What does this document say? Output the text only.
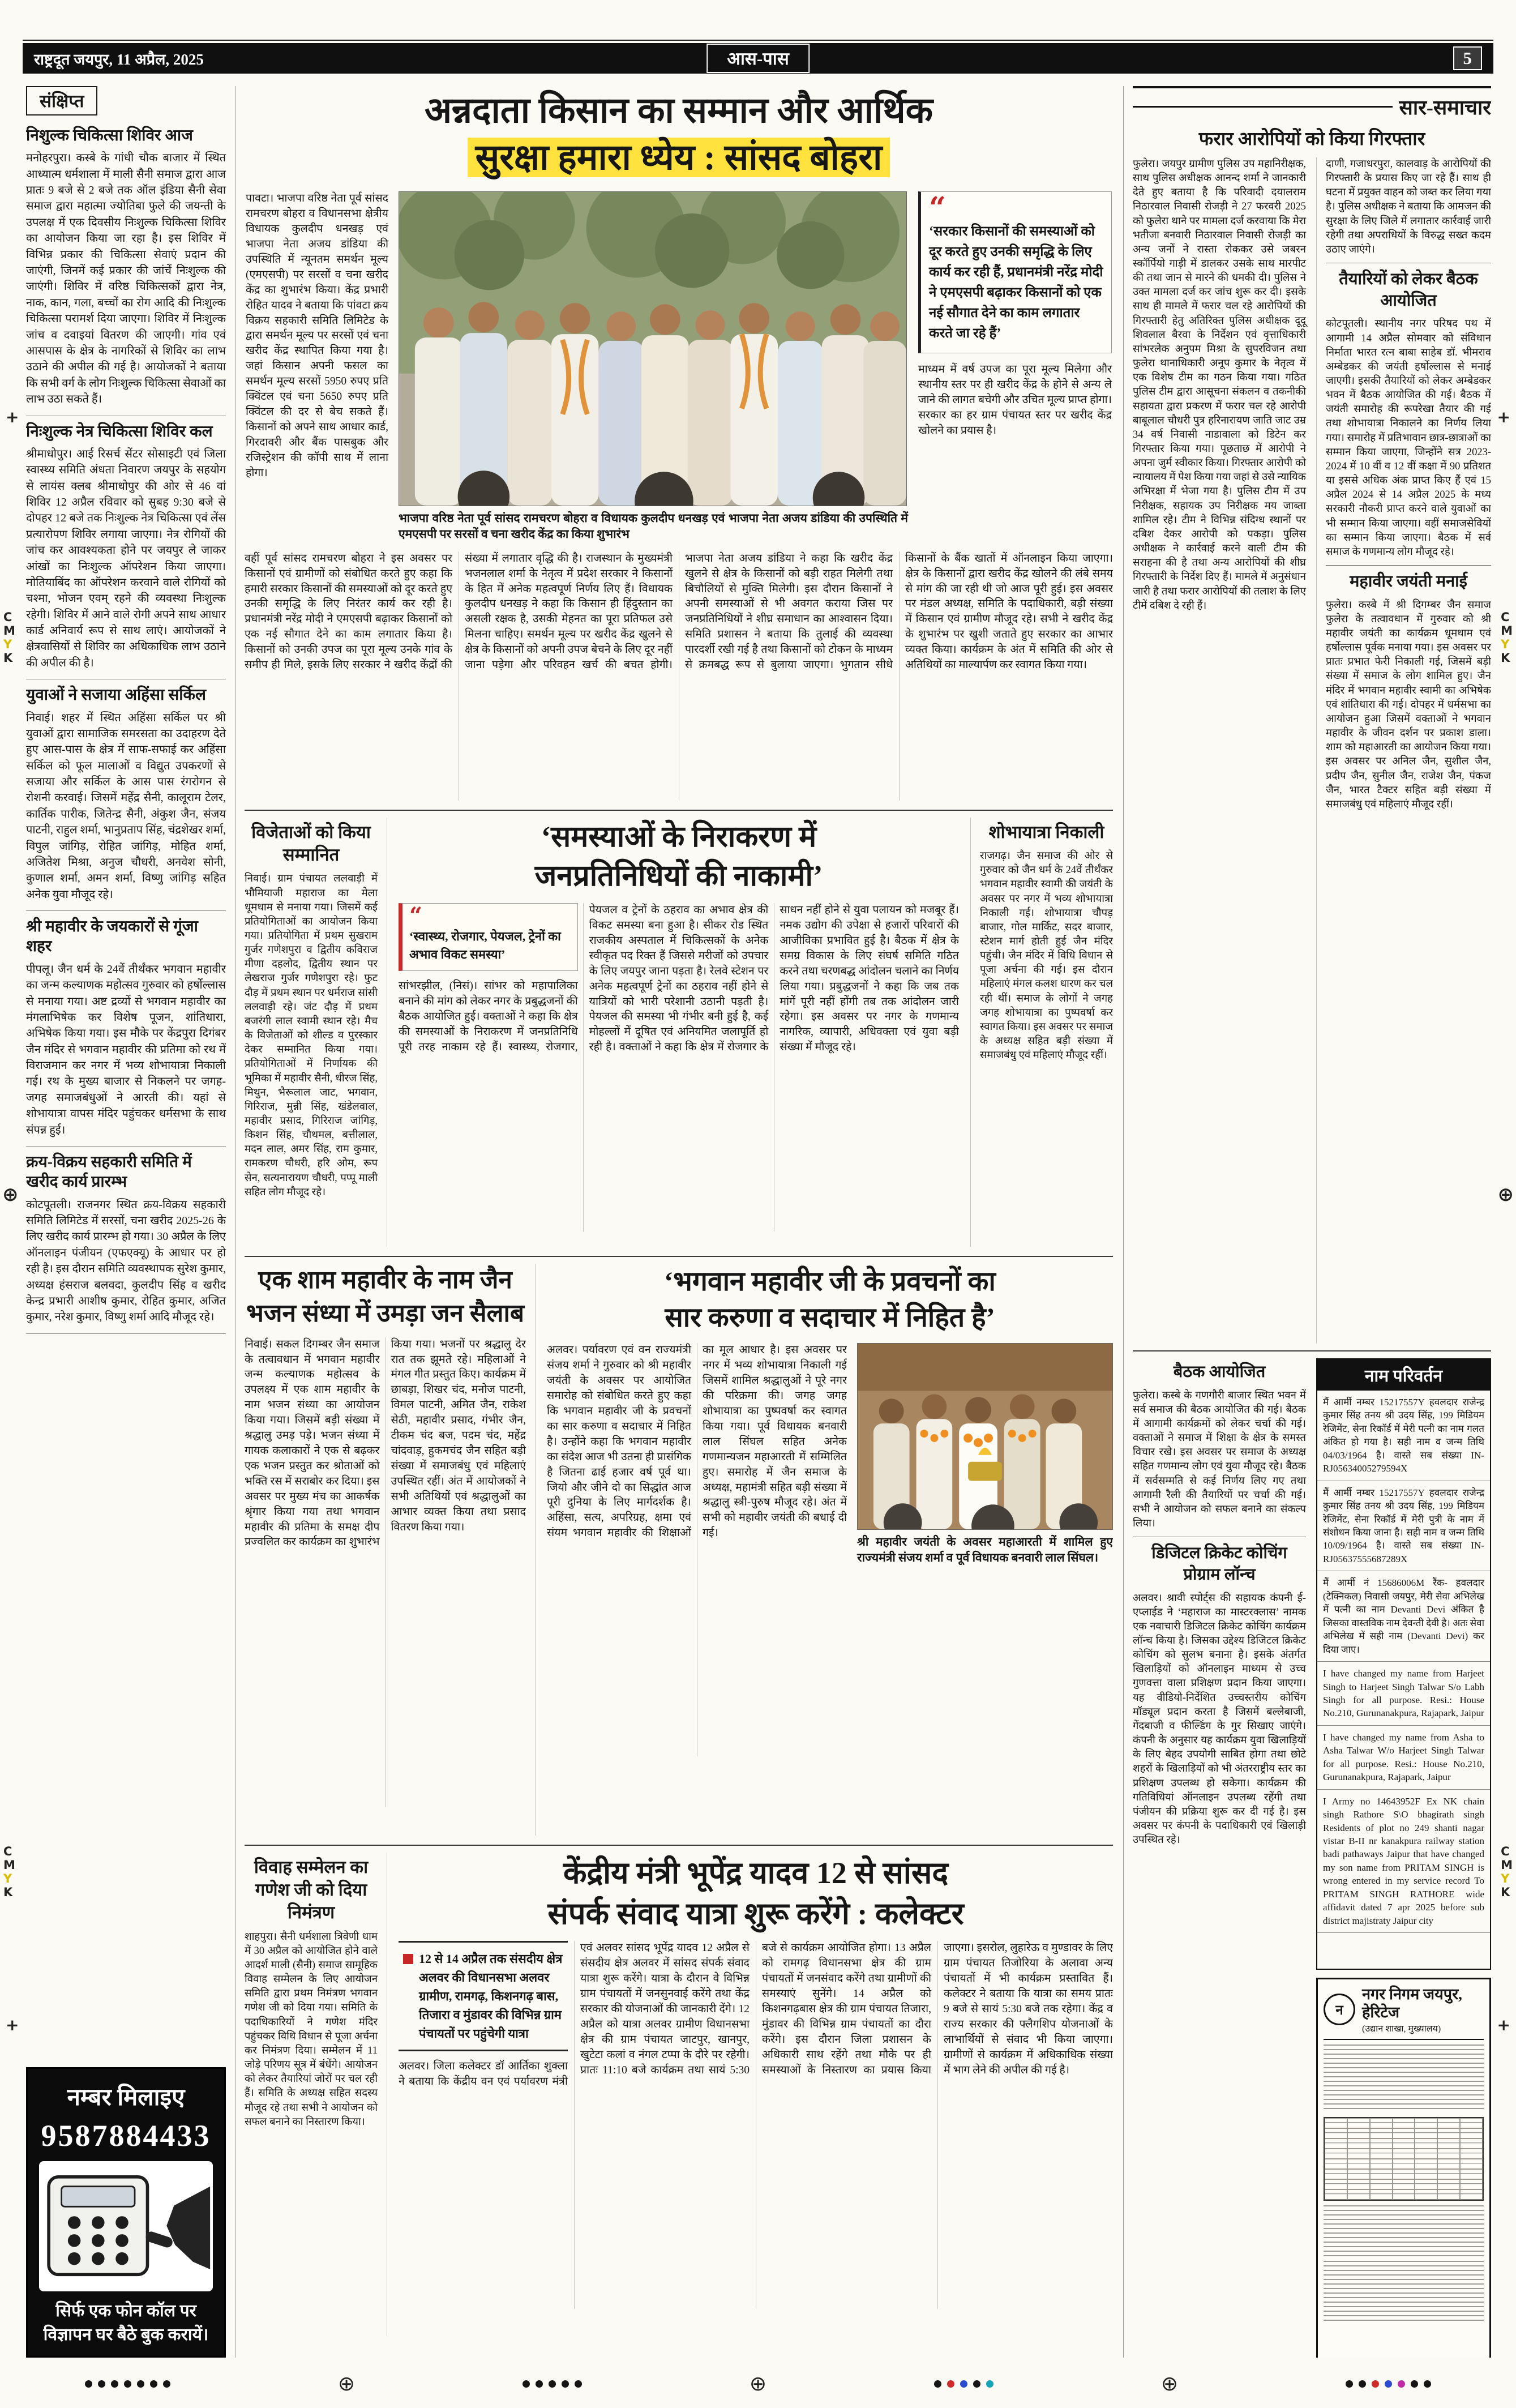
राष्ट्रदूत जयपुर, 11 अप्रैल, 2025	आस-पास	5
संक्षिप्त
निशुल्क चिकित्सा शिविर आज

मनोहरपुरा। कस्बे के गांधी चौक बाजार में स्थित आध्यात्म धर्मशाला में माली सैनी समाज द्वारा आज प्रातः 9 बजे से 2 बजे तक ऑल इंडिया सैनी सेवा समाज द्वारा महात्मा ज्योतिबा फुले की जयन्ती के उपलक्ष में एक दिवसीय निःशुल्क चिकित्सा शिविर का आयोजन किया जा रहा है। इस शिविर में विभिन्न प्रकार की चिकित्सा सेवाएं प्रदान की जाएंगी, जिनमें कई प्रकार की जांचें निःशुल्क की जाएंगी। शिविर में वरिष्ठ चिकित्सकों द्वारा नेत्र, नाक, कान, गला, बच्चों का रोग आदि की निःशुल्क चिकित्सा परामर्श दिया जाएगा। शिविर में निःशुल्क जांच व दवाइयां वितरण की जाएगी। गांव एवं आसपास के क्षेत्र के नागरिकों से शिविर का लाभ उठाने की अपील की गई है। आयोजकों ने बताया कि सभी वर्ग के लोग निःशुल्क चिकित्सा सेवाओं का लाभ उठा सकते हैं।

निःशुल्क नेत्र चिकित्सा शिविर कल

श्रीमाधोपुर। आई रिसर्च सेंटर सोसाइटी एवं जिला स्वास्थ्य समिति अंधता निवारण जयपुर के सहयोग से लायंस क्लब श्रीमाधोपुर की ओर से 46 वां शिविर 12 अप्रैल रविवार को सुबह 9:30 बजे से दोपहर 12 बजे तक निःशुल्क नेत्र चिकित्सा एवं लेंस प्रत्यारोपण शिविर लगाया जाएगा। नेत्र रोगियों की जांच कर आवश्यकता होने पर जयपुर ले जाकर आंखों का निःशुल्क ऑपरेशन किया जाएगा। मोतियाबिंद का ऑपरेशन करवाने वाले रोगियों को चश्मा, भोजन एवम् रहने की व्यवस्था निःशुल्क रहेगी। शिविर में आने वाले रोगी अपने साथ आधार कार्ड अनिवार्य रूप से साथ लाएं। आयोजकों ने क्षेत्रवासियों से शिविर का अधिकाधिक लाभ उठाने की अपील की है।

युवाओं ने सजाया अहिंसा सर्किल

निवाई। शहर में स्थित अहिंसा सर्किल पर श्री युवाओं द्वारा सामाजिक समरसता का उदाहरण देते हुए आस-पास के क्षेत्र में साफ-सफाई कर अहिंसा सर्किल को फूल मालाओं व विद्युत उपकरणों से सजाया और सर्किल के आस पास रंगरोगन से रोशनी करवाई। जिसमें महेंद्र सैनी, कालूराम टेलर, कार्तिक पारीक, जितेन्द्र सैनी, अंकुश जैन, संजय पाटनी, राहुल शर्मा, भानुप्रताप सिंह, चंद्रशेखर शर्मा, विपुल जांगिड़, रोहित जांगिड़, मोहित शर्मा, अजितेश मिश्रा, अनुज चौधरी, अनवेश सोनी, कुणाल शर्मा, अमन शर्मा, विष्णु जांगिड़ सहित अनेक युवा मौजूद रहे।

श्री महावीर के जयकारों से गूंजा शहर

पीपलू। जैन धर्म के 24वें तीर्थंकर भगवान महावीर का जन्म कल्याणक महोत्सव गुरुवार को हर्षोल्लास से मनाया गया। अष्ट द्रव्यों से भगवान महावीर का मंगलाभिषेक कर विशेष पूजन, शांतिधारा, अभिषेक किया गया। इस मौके पर केंद्रपुरा दिगंबर जैन मंदिर से भगवान महावीर की प्रतिमा को रथ में विराजमान कर नगर में भव्य शोभायात्रा निकाली गई। रथ के मुख्य बाजार से निकलने पर जगह-जगह समाजबंधुओं ने आरती की। यहां से शोभायात्रा वापस मंदिर पहुंचकर धर्मसभा के साथ संपन्न हुई।

क्रय-विक्रय सहकारी समिति में खरीद कार्य प्रारम्भ

कोटपूतली। राजनगर स्थित क्रय-विक्रय सहकारी समिति लिमिटेड में सरसों, चना खरीद 2025-26 के लिए खरीद कार्य प्रारम्भ हो गया। 30 अप्रैल के लिए ऑनलाइन पंजीयन (एफएक्यू) के आधार पर हो रही है। इस दौरान समिति व्यवस्थापक सुरेश कुमार, अध्यक्ष हंसराज बलवदा, कुलदीप सिंह व खरीद केन्द्र प्रभारी आशीष कुमार, रोहित कुमार, अजित कुमार, नरेश कुमार, विष्णु शर्मा आदि मौजूद रहे।

नम्बर मिलाइए
9587884433
सिर्फ एक फोन कॉल पर विज्ञापन घर बैठे बुक करायें।
अन्नदाता किसान का सम्मान और आर्थिक
सुरक्षा हमारा ध्येय : सांसद बोहरा

पावटा। भाजपा वरिष्ठ नेता पूर्व सांसद रामचरण बोहरा व विधानसभा क्षेत्रीय विधायक कुलदीप धनखड़ एवं भाजपा नेता अजय डांडिया की उपस्थिति में न्यूनतम समर्थन मूल्य (एमएसपी) पर सरसों व चना खरीद केंद्र का शुभारंभ किया। केंद्र प्रभारी रोहित यादव ने बताया कि पांवटा क्रय विक्रय सहकारी समिति लिमिटेड के द्वारा समर्थन मूल्य पर सरसों एवं चना खरीद केंद्र स्थापित किया गया है। जहां किसान अपनी फसल का समर्थन मूल्य सरसों 5950 रुपए प्रति क्विंटल एवं चना 5650 रुपए प्रति क्विंटल की दर से बेच सकते हैं। किसानों को अपने साथ आधार कार्ड, गिरदावरी और बैंक पासबुक और रजिस्ट्रेशन की कॉपी साथ में लाना होगा।

भाजपा वरिष्ठ नेता पूर्व सांसद रामचरण बोहरा व विधायक कुलदीप धनखड़ एवं भाजपा नेता अजय डांडिया की उपस्थिति में एमएसपी पर सरसों व चना खरीद केंद्र का किया शुभारंभ

“
‘सरकार किसानों की समस्याओं को दूर करते हुए उनकी समृद्धि के लिए कार्य कर रही हैं, प्रधानमंत्री नरेंद्र मोदी ने एमएसपी बढ़ाकर किसानों को एक नई सौगात देने का काम लगातार करते जा रहे हैं’

माध्यम में वर्ष उपज का पूरा मूल्य मिलेगा और स्थानीय स्तर पर ही खरीद केंद्र के होने से अन्य ले जाने की लागत बचेगी और उचित मूल्य प्राप्त होगा। सरकार का हर ग्राम पंचायत स्तर पर खरीद केंद्र खोलने का प्रयास है।

वहीं पूर्व सांसद रामचरण बोहरा ने इस अवसर पर किसानों एवं ग्रामीणों को संबोधित करते हुए कहा कि हमारी सरकार किसानों की समस्याओं को दूर करते हुए उनकी समृद्धि के लिए निरंतर कार्य कर रही है। प्रधानमंत्री नरेंद्र मोदी ने एमएसपी बढ़ाकर किसानों को एक नई सौगात देने का काम लगातार किया है। किसानों को उनकी उपज का पूरा मूल्य उनके गांव के समीप ही मिले, इसके लिए सरकार ने खरीद केंद्रों की संख्या में लगातार वृद्धि की है। राजस्थान के मुख्यमंत्री भजनलाल शर्मा के नेतृत्व में प्रदेश सरकार ने किसानों के हित में अनेक महत्वपूर्ण निर्णय लिए हैं। विधायक कुलदीप धनखड़ ने कहा कि किसान ही हिंदुस्तान का असली रक्षक है, उसकी मेहनत का पूरा प्रतिफल उसे मिलना चाहिए। समर्थन मूल्य पर खरीद केंद्र खुलने से क्षेत्र के किसानों को अपनी उपज बेचने के लिए दूर नहीं जाना पड़ेगा और परिवहन खर्च की बचत होगी। भाजपा नेता अजय डांडिया ने कहा कि खरीद केंद्र खुलने से क्षेत्र के किसानों को बड़ी राहत मिलेगी तथा बिचौलियों से मुक्ति मिलेगी। इस दौरान किसानों ने अपनी समस्याओं से भी अवगत कराया जिस पर जनप्रतिनिधियों ने शीघ्र समाधान का आश्वासन दिया। समिति प्रशासन ने बताया कि तुलाई की व्यवस्था पारदर्शी रखी गई है तथा किसानों को टोकन के माध्यम से क्रमबद्ध रूप से बुलाया जाएगा। भुगतान सीधे किसानों के बैंक खातों में ऑनलाइन किया जाएगा। क्षेत्र के किसानों द्वारा खरीद केंद्र खोलने की लंबे समय से मांग की जा रही थी जो आज पूरी हुई। इस अवसर पर मंडल अध्यक्ष, समिति के पदाधिकारी, बड़ी संख्या में किसान एवं ग्रामीण मौजूद रहे। सभी ने खरीद केंद्र के शुभारंभ पर खुशी जताते हुए सरकार का आभार व्यक्त किया। कार्यक्रम के अंत में समिति की ओर से अतिथियों का माल्यार्पण कर स्वागत किया गया।
विजेताओं को किया सम्मानित

निवाई। ग्राम पंचायत ललवाड़ी में भौमियाजी महाराज का मेला धूमधाम से मनाया गया। जिसमें कई प्रतियोगिताओं का आयोजन किया गया। प्रतियोगिता में प्रथम सुखराम गुर्जर गणेशपुरा व द्वितीय कविराज मीणा दहलोद, द्वितीय स्थान पर लेखराज गुर्जर गणेशपुरा रहे। फुट दौड़ में प्रथम स्थान पर धर्मराज सांसी ललवाड़ी रहे। जंट दौड़ में प्रथम बजरंगी लाल स्वामी स्थान रहे। मैच के विजेताओं को शील्ड व पुरस्कार देकर सम्मानित किया गया। प्रतियोगिताओं में निर्णायक की भूमिका में महावीर सैनी, धीरज सिंह, मिथुन, भैरूलाल जाट, भगवान, गिरिराज, मुन्नी सिंह, खंडेलवाल, महावीर प्रसाद, गिरिराज जांगिड़, किशन सिंह, चौथमल, बत्तीलाल, मदन लाल, अमर सिंह, राम कुमार, रामकरण चौधरी, हरि ओम, रूप सेन, सत्यनारायण चौधरी, पप्पू माली सहित लोग मौजूद रहे।

‘समस्याओं के निराकरण में
जनप्रतिनिधियों की नाकामी’
“
‘स्वास्थ्य, रोजगार, पेयजल, ट्रेनों का अभाव विकट समस्या’

सांभरझील, (निसं)। सांभर को महापालिका बनाने की मांग को लेकर नगर के प्रबुद्धजनों की बैठक आयोजित हुई। वक्ताओं ने कहा कि क्षेत्र की समस्याओं के निराकरण में जनप्रतिनिधि पूरी तरह नाकाम रहे हैं। स्वास्थ्य, रोजगार, पेयजल व ट्रेनों के ठहराव का अभाव क्षेत्र की विकट समस्या बना हुआ है। सीकर रोड स्थित राजकीय अस्पताल में चिकित्सकों के अनेक स्वीकृत पद रिक्त हैं जिससे मरीजों को उपचार के लिए जयपुर जाना पड़ता है। रेलवे स्टेशन पर अनेक महत्वपूर्ण ट्रेनों का ठहराव नहीं होने से यात्रियों को भारी परेशानी उठानी पड़ती है। पेयजल की समस्या भी गंभीर बनी हुई है, कई मोहल्लों में दूषित एवं अनियमित जलापूर्ति हो रही है। वक्ताओं ने कहा कि क्षेत्र में रोजगार के साधन नहीं होने से युवा पलायन को मजबूर हैं। नमक उद्योग की उपेक्षा से हजारों परिवारों की आजीविका प्रभावित हुई है। बैठक में क्षेत्र के समग्र विकास के लिए संघर्ष समिति गठित करने तथा चरणबद्ध आंदोलन चलाने का निर्णय लिया गया। प्रबुद्धजनों ने कहा कि जब तक मांगें पूरी नहीं होंगी तब तक आंदोलन जारी रहेगा। इस अवसर पर नगर के गणमान्य नागरिक, व्यापारी, अधिवक्ता एवं युवा बड़ी संख्या में मौजूद रहे।

शोभायात्रा निकाली

राजगढ़। जैन समाज की ओर से गुरुवार को जैन धर्म के 24वें तीर्थंकर भगवान महावीर स्वामी की जयंती के अवसर पर नगर में भव्य शोभायात्रा निकाली गई। शोभायात्रा चौपड़ बाजार, गोल मार्किट, सदर बाजार, स्टेशन मार्ग होती हुई जैन मंदिर पहुंची। जैन मंदिर में विधि विधान से पूजा अर्चना की गई। इस दौरान महिलाएं मंगल कलश धारण कर चल रही थीं। समाज के लोगों ने जगह जगह शोभायात्रा का पुष्पवर्षा कर स्वागत किया। इस अवसर पर समाज के अध्यक्ष सहित बड़ी संख्या में समाजबंधु एवं महिलाएं मौजूद रहीं।

एक शाम महावीर के नाम जैन
भजन संध्या में उमड़ा जन सैलाब
निवाई। सकल दिगम्बर जैन समाज के तत्वावधान में भगवान महावीर जन्म कल्याणक महोत्सव के उपलक्ष्य में एक शाम महावीर के नाम भजन संध्या का आयोजन किया गया। जिसमें बड़ी संख्या में श्रद्धालु उमड़ पड़े। भजन संध्या में गायक कलाकारों ने एक से बढ़कर एक भजन प्रस्तुत कर श्रोताओं को भक्ति रस में सराबोर कर दिया। इस अवसर पर मुख्य मंच का आकर्षक श्रृंगार किया गया तथा भगवान महावीर की प्रतिमा के समक्ष दीप प्रज्वलित कर कार्यक्रम का शुभारंभ किया गया। भजनों पर श्रद्धालु देर रात तक झूमते रहे। महिलाओं ने मंगल गीत प्रस्तुत किए। कार्यक्रम में छाबड़ा, शिखर चंद, मनोज पाटनी, विमल पाटनी, अमित जैन, राकेश सेठी, महावीर प्रसाद, गंभीर जैन, टीकम चंद बज, पदम चंद, महेंद्र चांदवाड़, हुकमचंद जैन सहित बड़ी संख्या में समाजबंधु एवं महिलाएं उपस्थित रहीं। अंत में आयोजकों ने सभी अतिथियों एवं श्रद्धालुओं का आभार व्यक्त किया तथा प्रसाद वितरण किया गया।
‘भगवान महावीर जी के प्रवचनों का
सार करुणा व सदाचार में निहित है’
अलवर। पर्यावरण एवं वन राज्यमंत्री संजय शर्मा ने गुरुवार को श्री महावीर जयंती के अवसर पर आयोजित समारोह को संबोधित करते हुए कहा कि भगवान महावीर जी के प्रवचनों का सार करुणा व सदाचार में निहित है। उन्होंने कहा कि भगवान महावीर का संदेश आज भी उतना ही प्रासंगिक है जितना ढाई हजार वर्ष पूर्व था। जियो और जीने दो का सिद्धांत आज पूरी दुनिया के लिए मार्गदर्शक है। अहिंसा, सत्य, अपरिग्रह, क्षमा एवं संयम भगवान महावीर की शिक्षाओं का मूल आधार है। इस अवसर पर नगर में भव्य शोभायात्रा निकाली गई जिसमें शामिल श्रद्धालुओं ने पूरे नगर की परिक्रमा की। जगह जगह शोभायात्रा का पुष्पवर्षा कर स्वागत किया गया। पूर्व विधायक बनवारी लाल सिंघल सहित अनेक गणमान्यजन महाआरती में सम्मिलित हुए। समारोह में जैन समाज के अध्यक्ष, महामंत्री सहित बड़ी संख्या में श्रद्धालु स्त्री-पुरुष मौजूद रहे। अंत में सभी को महावीर जयंती की बधाई दी गई।

श्री महावीर जयंती के अवसर महाआरती में शामिल हुए राज्यमंत्री संजय शर्मा व पूर्व विधायक बनवारी लाल सिंघल।

विवाह सम्मेलन का गणेश जी को दिया निमंत्रण

शाहपुरा। सैनी धर्मशाला त्रिवेणी धाम में 30 अप्रैल को आयोजित होने वाले आदर्श माली (सैनी) समाज सामूहिक विवाह सम्मेलन के लिए आयोजन समिति द्वारा प्रथम निमंत्रण भगवान गणेश जी को दिया गया। समिति के पदाधिकारियों ने गणेश मंदिर पहुंचकर विधि विधान से पूजा अर्चना कर निमंत्रण दिया। सम्मेलन में 11 जोड़े परिणय सूत्र में बंधेंगे। आयोजन को लेकर तैयारियां जोरों पर चल रही हैं। समिति के अध्यक्ष सहित सदस्य मौजूद रहे तथा सभी ने आयोजन को सफल बनाने का निस्तारण किया।

केंद्रीय मंत्री भूपेंद्र यादव 12 से सांसद
संपर्क संवाद यात्रा शुरू करेंगे : कलेक्टर
12 से 14 अप्रैल तक संसदीय क्षेत्र अलवर की विधानसभा अलवर ग्रामीण, रामगढ़, किशनगढ़ बास, तिजारा व मुंडावर की विभिन्न ग्राम पंचायतों पर पहुंचेगी यात्रा

अलवर। जिला कलेक्टर डॉ आर्तिका शुक्ला ने बताया कि केंद्रीय वन एवं पर्यावरण मंत्री एवं अलवर सांसद भूपेंद्र यादव 12 अप्रैल से संसदीय क्षेत्र अलवर में सांसद संपर्क संवाद यात्रा शुरू करेंगे। यात्रा के दौरान वे विभिन्न ग्राम पंचायतों में जनसुनवाई करेंगे तथा केंद्र सरकार की योजनाओं की जानकारी देंगे। 12 अप्रैल को यात्रा अलवर ग्रामीण विधानसभा क्षेत्र की ग्राम पंचायत जाटपुर, खानपुर, खुटेटा कलां व नंगल टप्पा के दौरे पर रहेगी। प्रातः 11:10 बजे कार्यक्रम तथा सायं 5:30 बजे से कार्यक्रम आयोजित होगा। 13 अप्रैल को रामगढ़ विधानसभा क्षेत्र की ग्राम पंचायतों में जनसंवाद करेंगे तथा ग्रामीणों की समस्याएं सुनेंगे। 14 अप्रैल को किशनगढ़बास क्षेत्र की ग्राम पंचायत तिजारा, मुंडावर की विभिन्न ग्राम पंचायतों का दौरा करेंगे। इस दौरान जिला प्रशासन के अधिकारी साथ रहेंगे तथा मौके पर ही समस्याओं के निस्तारण का प्रयास किया जाएगा। इसरोल, लुहारेऊ व मुण्डावर के लिए ग्राम पंचायत तिजोरिया के अलावा अन्य पंचायतों में भी कार्यक्रम प्रस्तावित हैं। कलेक्टर ने बताया कि यात्रा का समय प्रातः 9 बजे से सायं 5:30 बजे तक रहेगा। केंद्र व राज्य सरकार की फ्लैगशिप योजनाओं के लाभार्थियों से संवाद भी किया जाएगा। ग्रामीणों से कार्यक्रम में अधिकाधिक संख्या में भाग लेने की अपील की गई है।

सार-समाचार
फरार आरोपियों को किया गिरफ्तार

फुलेरा। जयपुर ग्रामीण पुलिस उप महानिरीक्षक, साथ पुलिस अधीक्षक आनन्द शर्मा ने जानकारी देते हुए बताया है कि परिवादी दयालराम निठारवाल निवासी रोजड़ी ने 27 फरवरी 2025 को फुलेरा थाने पर मामला दर्ज करवाया कि मेरा भतीजा बनवारी निठारवाल निवासी रोजड़ी का अन्य जनों ने रास्ता रोककर उसे जबरन स्कॉर्पियो गाड़ी में डालकर उसके साथ मारपीट की तथा जान से मारने की धमकी दी। पुलिस ने उक्त मामला दर्ज कर जांच शुरू कर दी। इसके साथ ही मामले में फरार चल रहे आरोपियों की गिरफ्तारी हेतु अतिरिक्त पुलिस अधीक्षक दूदू शिवलाल बैरवा के निर्देशन एवं वृत्ताधिकारी सांभरलेक अनुपम मिश्रा के सुपरविजन तथा फुलेरा थानाधिकारी अनूप कुमार के नेतृत्व में एक विशेष टीम का गठन किया गया। गठित पुलिस टीम द्वारा आसूचना संकलन व तकनीकी सहायता द्वारा प्रकरण में फरार चल रहे आरोपी बाबूलाल चौधरी पुत्र हरिनारायण जाति जाट उम्र 34 वर्ष निवासी नाडावाला को डिटेन कर गिरफ्तार किया गया। पूछताछ में आरोपी ने अपना जुर्म स्वीकार किया। गिरफ्तार आरोपी को न्यायालय में पेश किया गया जहां से उसे न्यायिक अभिरक्षा में भेजा गया है। पुलिस टीम में उप निरीक्षक, सहायक उप निरीक्षक मय जाब्ता शामिल रहे। टीम ने विभिन्न संदिग्ध स्थानों पर दबिश देकर आरोपी को पकड़ा। पुलिस अधीक्षक ने कार्रवाई करने वाली टीम की सराहना की है तथा अन्य आरोपियों की शीघ्र गिरफ्तारी के निर्देश दिए हैं। मामले में अनुसंधान जारी है तथा फरार आरोपियों की तलाश के लिए टीमें दबिश दे रही हैं।

दाणी, गजाधरपुरा, कालवाड़ के आरोपियों की गिरफ्तारी के प्रयास किए जा रहे हैं। साथ ही घटना में प्रयुक्त वाहन को जब्त कर लिया गया है। पुलिस अधीक्षक ने बताया कि आमजन की सुरक्षा के लिए जिले में लगातार कार्रवाई जारी रहेगी तथा अपराधियों के विरुद्ध सख्त कदम उठाए जाएंगे।

तैयारियों को लेकर बैठक आयोजित

कोटपूतली। स्थानीय नगर परिषद पथ में आगामी 14 अप्रैल सोमवार को संविधान निर्माता भारत रत्न बाबा साहेब डॉ. भीमराव अम्बेडकर की जयंती हर्षोल्लास से मनाई जाएगी। इसकी तैयारियों को लेकर अम्बेडकर भवन में बैठक आयोजित की गई। बैठक में जयंती समारोह की रूपरेखा तैयार की गई तथा शोभायात्रा निकालने का निर्णय लिया गया। समारोह में प्रतिभावान छात्र-छात्राओं का सम्मान किया जाएगा, जिन्होंने सत्र 2023-2024 में 10 वीं व 12 वीं कक्षा में 90 प्रतिशत या इससे अधिक अंक प्राप्त किए हैं एवं 15 अप्रैल 2024 से 14 अप्रैल 2025 के मध्य सरकारी नौकरी प्राप्त करने वाले युवाओं का भी सम्मान किया जाएगा। वहीं समाजसेवियों का सम्मान किया जाएगा। बैठक में सर्व समाज के गणमान्य लोग मौजूद रहे।

महावीर जयंती मनाई

फुलेरा। कस्बे में श्री दिगम्बर जैन समाज फुलेरा के तत्वावधान में गुरुवार को श्री महावीर जयंती का कार्यक्रम धूमधाम एवं हर्षोल्लास पूर्वक मनाया गया। इस अवसर पर प्रातः प्रभात फेरी निकाली गई, जिसमें बड़ी संख्या में समाज के लोग शामिल हुए। जैन मंदिर में भगवान महावीर स्वामी का अभिषेक एवं शांतिधारा की गई। दोपहर में धर्मसभा का आयोजन हुआ जिसमें वक्ताओं ने भगवान महावीर के जीवन दर्शन पर प्रकाश डाला। शाम को महाआरती का आयोजन किया गया। इस अवसर पर अनिल जैन, सुशील जैन, प्रदीप जैन, सुनील जैन, राजेश जैन, पंकज जैन, भारत टैक्टर सहित बड़ी संख्या में समाजबंधु एवं महिलाएं मौजूद रहीं।

बैठक आयोजित

फुलेरा। कस्बे के गणगौरी बाजार स्थित भवन में सर्व समाज की बैठक आयोजित की गई। बैठक में आगामी कार्यक्रमों को लेकर चर्चा की गई। वक्ताओं ने समाज में शिक्षा के क्षेत्र के समस्त विचार रखे। इस अवसर पर समाज के अध्यक्ष सहित गणमान्य लोग एवं युवा मौजूद रहे। बैठक में सर्वसम्मति से कई निर्णय लिए गए तथा आगामी रैली की तैयारियों पर चर्चा की गई। सभी ने आयोजन को सफल बनाने का संकल्प लिया।

डिजिटल क्रिकेट कोचिंग प्रोग्राम लॉन्च

अलवर। श्रावी स्पोर्ट्स की सहायक कंपनी ई-एप्लाईड ने ‘महाराज का मास्टरक्लास’ नामक एक नवाचारी डिजिटल क्रिकेट कोचिंग कार्यक्रम लॉन्च किया है। जिसका उद्देश्य डिजिटल क्रिकेट कोचिंग को सुलभ बनाना है। इसके अंतर्गत खिलाड़ियों को ऑनलाइन माध्यम से उच्च गुणवत्ता वाला प्रशिक्षण प्रदान किया जाएगा। यह वीडियो-निर्देशित उच्चस्तरीय कोचिंग मॉड्यूल प्रदान करता है जिसमें बल्लेबाजी, गेंदबाजी व फील्डिंग के गुर सिखाए जाएंगे। कंपनी के अनुसार यह कार्यक्रम युवा खिलाड़ियों के लिए बेहद उपयोगी साबित होगा तथा छोटे शहरों के खिलाड़ियों को भी अंतरराष्ट्रीय स्तर का प्रशिक्षण उपलब्ध हो सकेगा। कार्यक्रम की गतिविधियां ऑनलाइन उपलब्ध रहेंगी तथा पंजीयन की प्रक्रिया शुरू कर दी गई है। इस अवसर पर कंपनी के पदाधिकारी एवं खिलाड़ी उपस्थित रहे।

नाम परिवर्तन

मैं आर्मी नम्बर 15217557Y हवलदार राजेन्द्र कुमार सिंह तनय श्री उदय सिंह, 199 मिडियम रेजिमेंट, सेना रिकॉर्ड में मेरी पत्नी का नाम गलत अंकित हो गया है। सही नाम व जन्म तिथि 04/03/1964 है। वास्ते सब संख्या IN-RJ05634005279594X

मैं आर्मी नम्बर 15217557Y हवलदार राजेन्द्र कुमार सिंह तनय श्री उदय सिंह, 199 मिडियम रेजिमेंट, सेना रिकॉर्ड में मेरी पुत्री के नाम में संशोधन किया जाना है। सही नाम व जन्म तिथि 10/09/1964 है। वास्ते सब संख्या IN-RJ05637555687289X

मैं आर्मी नं 15686006M रैंक- हवलदार (टेक्निकल) निवासी जयपुर, मेरी सेवा अभिलेख में पत्नी का नाम Devanti Devi अंकित है जिसका वास्तविक नाम देवन्ती देवी है। अतः सेवा अभिलेख में सही नाम (Devanti Devi) कर दिया जाए।

I have changed my name from Harjeet Singh to Harjeet Singh Talwar S/o Labh Singh for all purpose. Resi.: House No.210, Gurunanakpura, Rajapark, Jaipur

I have changed my name from Asha to Asha Talwar W/o Harjeet Singh Talwar for all purpose. Resi.: House No.210, Gurunanakpura, Rajapark, Jaipur

I Army no 14643952F Ex NK chain singh Rathore S\O bhagirath singh Residents of plot no 249 shanti nagar vistar B-II nr kanakpura railway station badi pathaways Jaipur that have changed my son name from PRITAM SINGH is wrong entered in my service record To PRITAM SINGH RATHORE wide affidavit dated 7 apr 2025 before sub district majistraty Jaipur city

न
नगर निगम जयपुर, हेरिटेज
(उद्यान शाखा, मुख्यालय)
C
M
Y
K
C
M
Y
K
C
M
Y
K
C
M
Y
K
⊕	⊕
+	+
+	+
⊕	⊕	⊕
